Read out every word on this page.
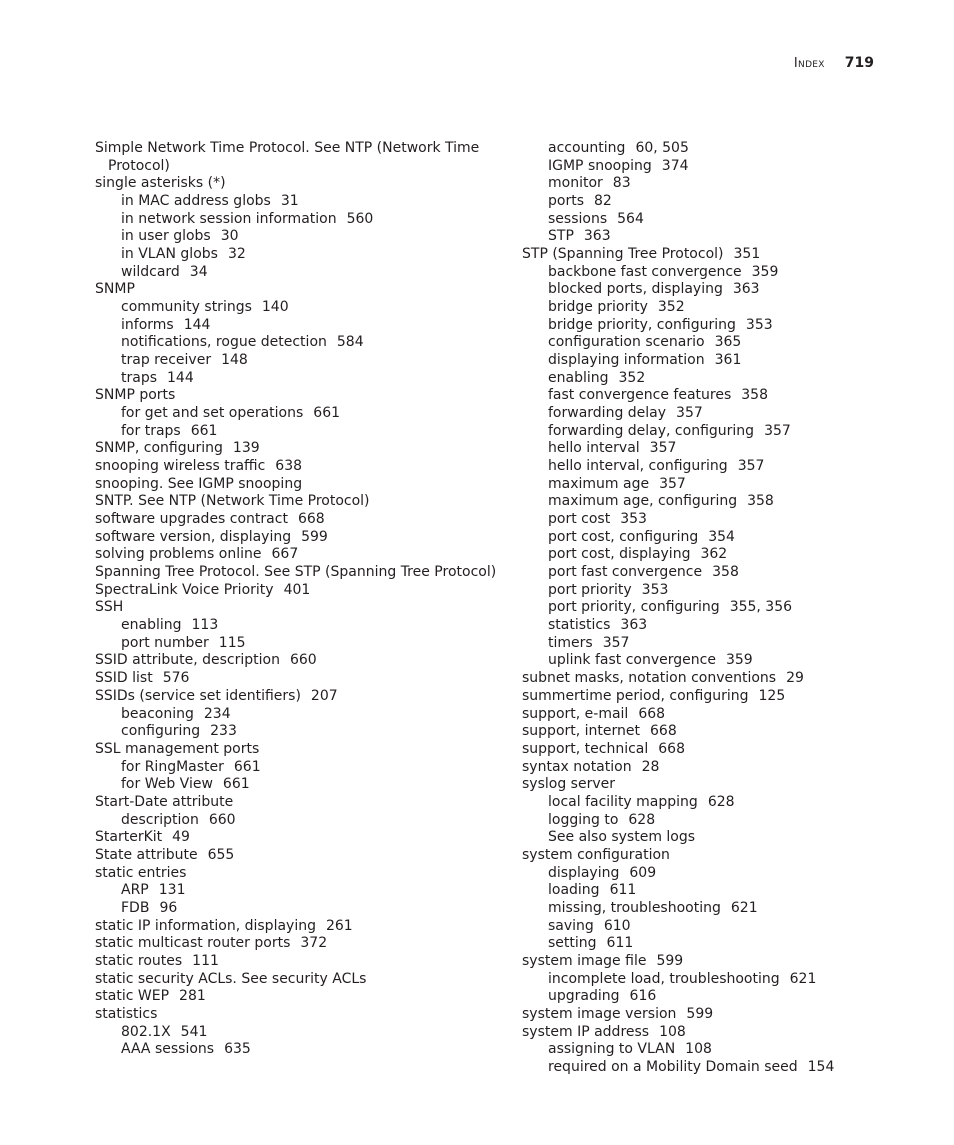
Index 719
Simple Network Time Protocol. See NTP (Network Time Protocol)
single asterisks (*)
in MAC address globs 31
in network session information 560
in user globs 30
in VLAN globs 32
wildcard 34
SNMP
community strings 140
informs 144
notifications, rogue detection 584
trap receiver 148
traps 144
SNMP ports
for get and set operations 661
for traps 661
SNMP, configuring 139
snooping wireless traffic 638
snooping. See IGMP snooping
SNTP. See NTP (Network Time Protocol)
software upgrades contract 668
software version, displaying 599
solving problems online 667
Spanning Tree Protocol. See STP (Spanning Tree Protocol)
SpectraLink Voice Priority 401
SSH
enabling 113
port number 115
SSID attribute, description 660
SSID list 576
SSIDs (service set identifiers) 207
beaconing 234
configuring 233
SSL management ports
for RingMaster 661
for Web View 661
Start-Date attribute
description 660
StarterKit 49
State attribute 655
static entries
ARP 131
FDB 96
static IP information, displaying 261
static multicast router ports 372
static routes 111
static security ACLs. See security ACLs
static WEP 281
statistics
802.1X 541
AAA sessions 635
accounting 60, 505
IGMP snooping 374
monitor 83
ports 82
sessions 564
STP 363
STP (Spanning Tree Protocol) 351
backbone fast convergence 359
blocked ports, displaying 363
bridge priority 352
bridge priority, configuring 353
configuration scenario 365
displaying information 361
enabling 352
fast convergence features 358
forwarding delay 357
forwarding delay, configuring 357
hello interval 357
hello interval, configuring 357
maximum age 357
maximum age, configuring 358
port cost 353
port cost, configuring 354
port cost, displaying 362
port fast convergence 358
port priority 353
port priority, configuring 355, 356
statistics 363
timers 357
uplink fast convergence 359
subnet masks, notation conventions 29
summertime period, configuring 125
support, e-mail 668
support, internet 668
support, technical 668
syntax notation 28
syslog server
local facility mapping 628
logging to 628
See also system logs
system configuration
displaying 609
loading 611
missing, troubleshooting 621
saving 610
setting 611
system image file 599
incomplete load, troubleshooting 621
upgrading 616
system image version 599
system IP address 108
assigning to VLAN 108
required on a Mobility Domain seed 154
